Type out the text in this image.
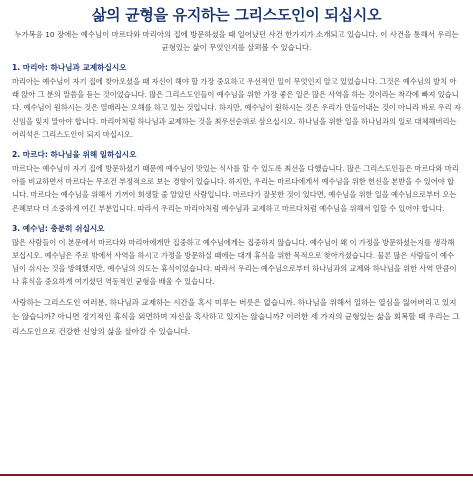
삶의 균형을 유지하는 그리스도인이 되십시오

누가복음 10 장에는 예수님이 마르다와 마리아의 집에 방문하셨을 때 일어났던 사건 한가지가 소개되고 있습니다. 이 사건을 통해서 우리는 균형있는 삶이 무엇인지를 살펴볼 수 있습니다.

1. 마리아: 하나님과 교제하십시오

마리아는 예수님이 자기 집에 찾아오셨을 때 자신이 해야 할 가장 중요하고 우선적인 일이 무엇인지 알고 있었습니다. 그것은 예수님의 발치 아래 앉아 그 분의 말씀을 듣는 것이었습니다. 많은 그리스도인들이 예수님을 위한 가장 좋은 일은 많은 사역을 하는 것이라는 착각에 빠져 있습니다. 예수님이 원하시는 것은 열매라는 오해를 하고 있는 것입니다. 하지만, 예수님이 원하시는 것은 우리가 만들어내는 것이 아니라 바로 우리 자신임을 잊지 말아야 합니다. 마리아처럼 하나님과 교제하는 것을 최우선순위로 삼으십시오. 하나님을 위한 일을 하나님과의 일로 대체해버리는 어리석은 그리스도인이 되지 마십시오.

2. 마르다: 하나님을 위해 일하십시오

마르다는 예수님이 자기 집에 방문하셨기 때문에 예수님이 맛있는 식사를 할 수 있도록 최선을 다했습니다. 많은 그리스도인들은 마르다와 마리아를 비교하면서 마르다는 무조건 부정적으로 보는 경향이 있습니다. 하지만, 우리는 마르다에게서 예수님을 위한 헌신을 본받을 수 있어야 합니다. 마르다는 예수님을 위해서 기꺼이 희생할 줄 알았던 사람입니다. 마르다가 잘못한 것이 있다면, 예수님을 위한 일을 예수님으로부터 오는 은혜보다 더 소중하게 여긴 부분입니다. 따라서 우리는 마리아처럼 예수님과 교제하고 마르다처럼 예수님을 위해서 일할 수 있어야 합니다.

3. 예수님: 충분히 쉬십시오

많은 사람들이 이 본문에서 마르다와 마리아에게만 집중하고 예수님에게는 집중하지 않습니다. 예수님이 왜 이 가정을 방문하셨는지를 생각해보십시오. 예수님은 주로 밖에서 사역을 하시고 가정을 방문하실 때에는 대개 휴식을 위한 목적으로 찾아가셨습니다. 물론 많은 사람들이 예수님이 쉬시는 것을 방해했지만, 예수님의 의도는 휴식이었습니다. 따라서 우리는 예수님으로부터 하나님과의 교제와 하나님을 위한 사역 만큼이나 휴식을 중요하게 여기셨던 역동적인 균형을 배울 수 있습니다.

사랑하는 그리스도인 여러분, 하나님과 교제하는 시간을 혹시 미루는 버릇은 없습니까. 하나님을 위해서 일하는 열심을 잃어버리고 있지는 않습니까? 아니면 정기적인 휴식을 외면하며 자신을 혹사하고 있지는 않습니까? 이러한 세 가지의 균형있는 삶을 회복할 때 우리는 그리스도인으로 건강한 신앙의 삶을 살아갈 수 있습니다.
